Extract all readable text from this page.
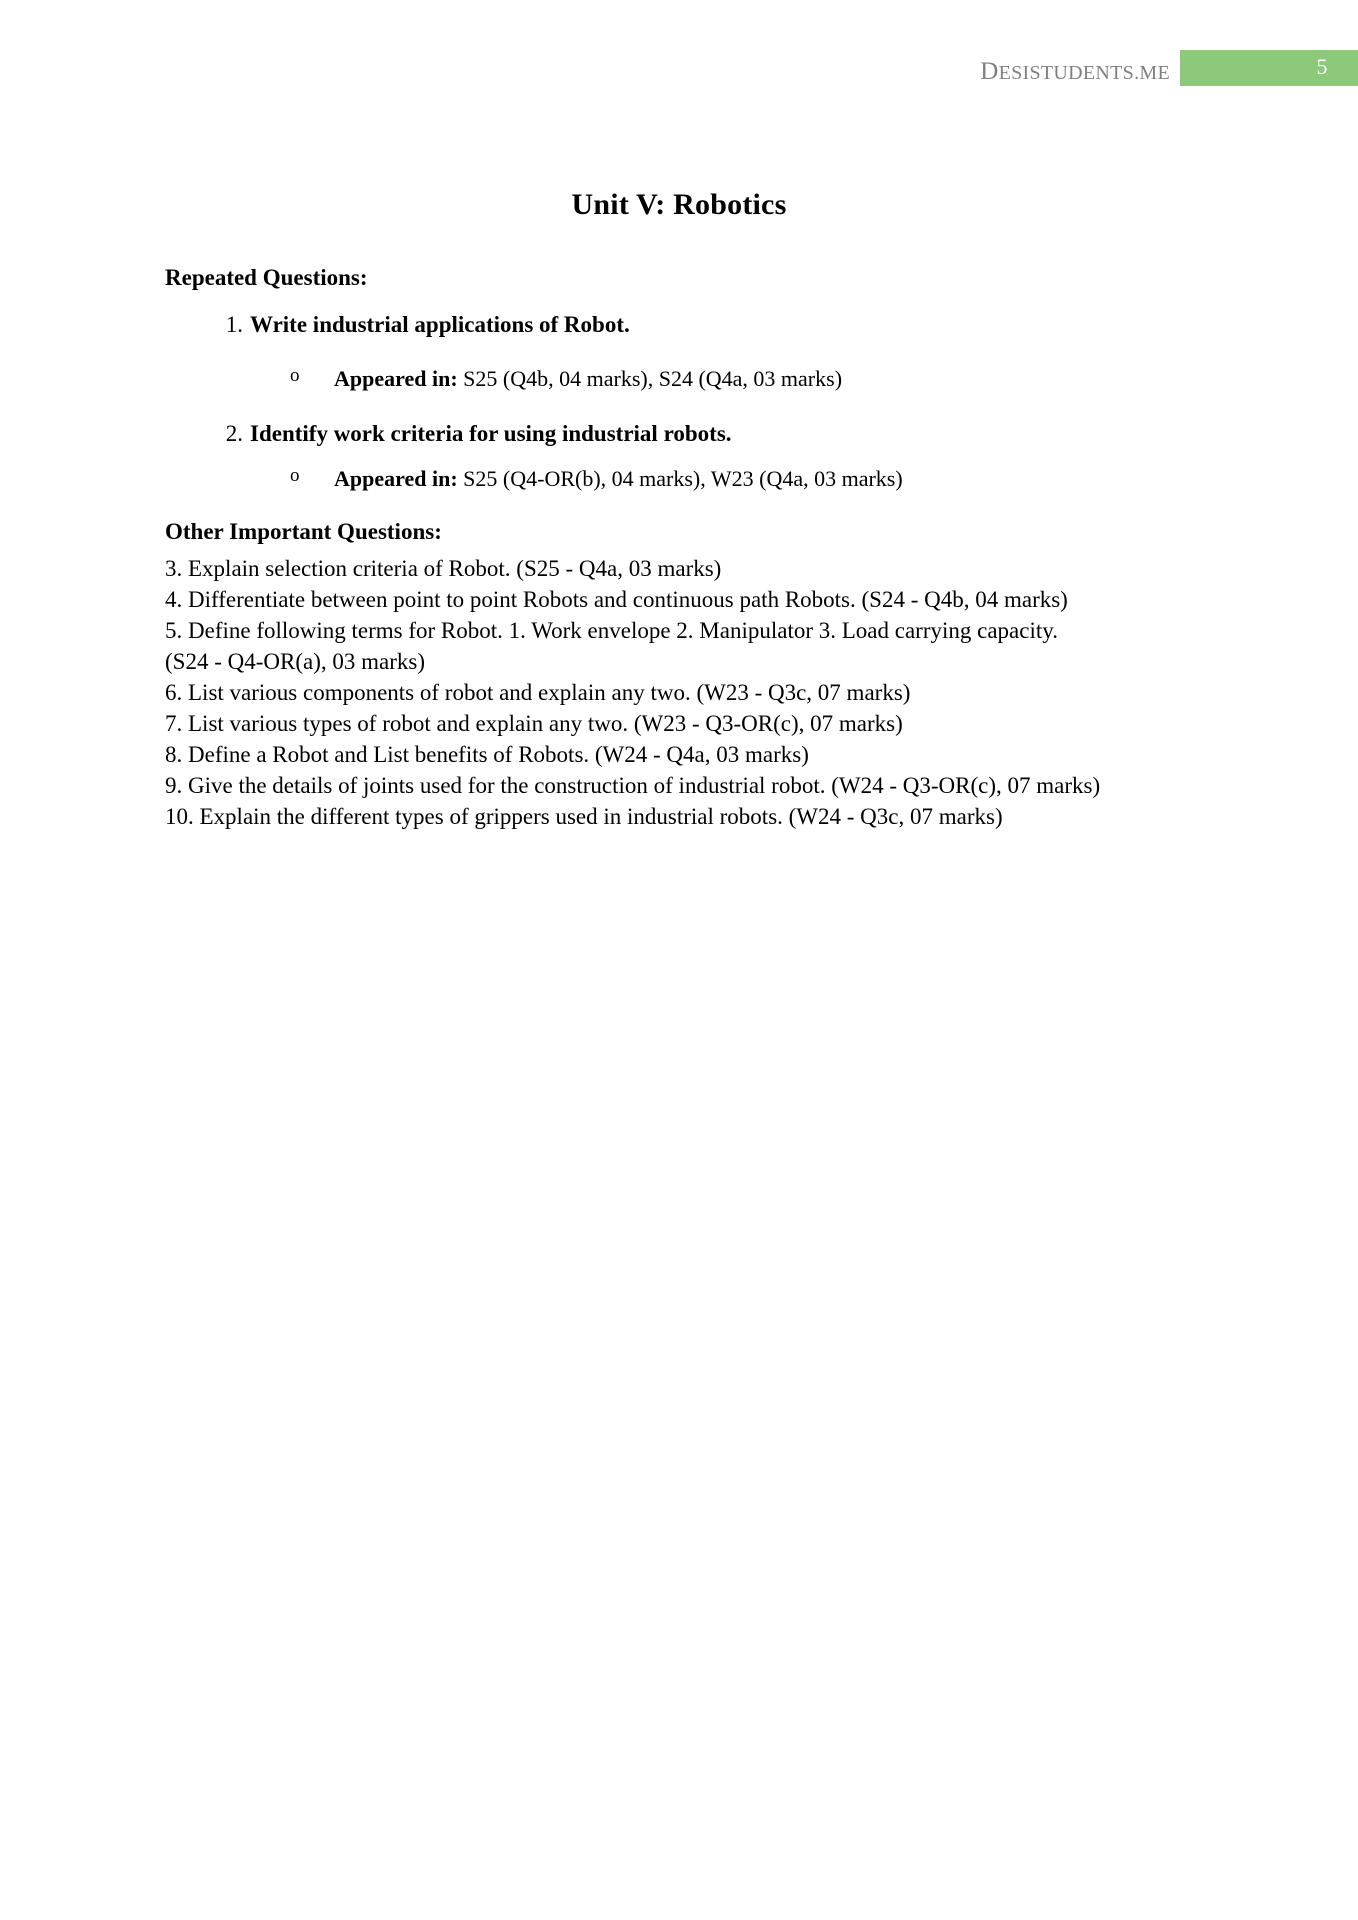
DESISTUDENTS.ME	5
Unit V: Robotics
Repeated Questions:
1. Write industrial applications of Robot.
o Appeared in: S25 (Q4b, 04 marks), S24 (Q4a, 03 marks)
2. Identify work criteria for using industrial robots.
o Appeared in: S25 (Q4-OR(b), 04 marks), W23 (Q4a, 03 marks)
Other Important Questions:
3. Explain selection criteria of Robot. (S25 - Q4a, 03 marks)
4. Differentiate between point to point Robots and continuous path Robots. (S24 - Q4b, 04 marks)
5. Define following terms for Robot. 1. Work envelope 2. Manipulator 3. Load carrying capacity.
(S24 - Q4-OR(a), 03 marks)
6. List various components of robot and explain any two. (W23 - Q3c, 07 marks)
7. List various types of robot and explain any two. (W23 - Q3-OR(c), 07 marks)
8. Define a Robot and List benefits of Robots. (W24 - Q4a, 03 marks)
9. Give the details of joints used for the construction of industrial robot. (W24 - Q3-OR(c), 07 marks)
10. Explain the different types of grippers used in industrial robots. (W24 - Q3c, 07 marks)
